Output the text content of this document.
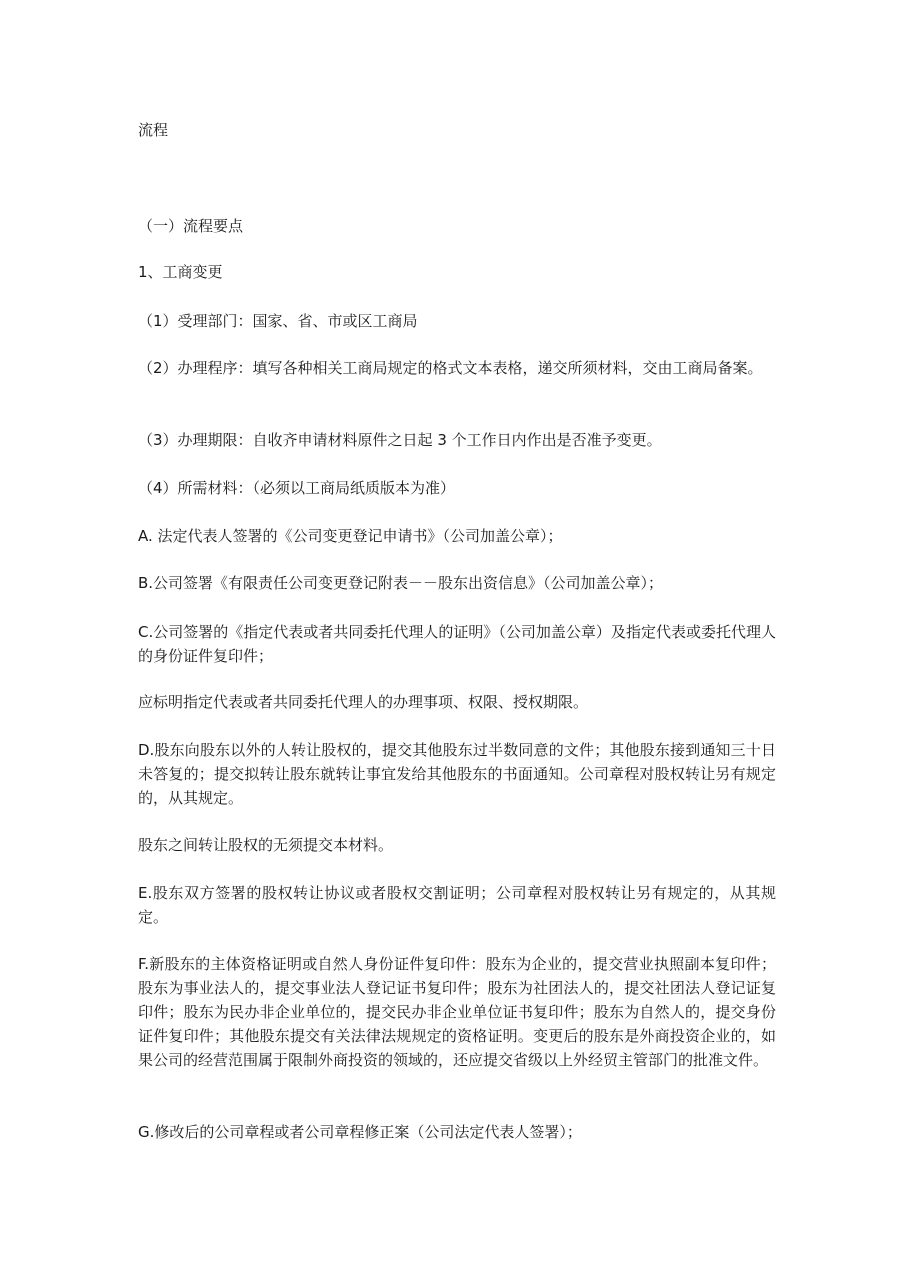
流程

（一）流程要点

1、工商变更

（1）受理部门：国家、省、市或区工商局

（2）办理程序：填写各种相关工商局规定的格式文本表格，递交所须材料，交由工商局备案。

（3）办理期限：自收齐申请材料原件之日起 3 个工作日内作出是否准予变更。

（4）所需材料：（必须以工商局纸质版本为准）

A. 法定代表人签署的《公司变更登记申请书》（公司加盖公章）；

B.公司签署《有限责任公司变更登记附表－－股东出资信息》（公司加盖公章）；

C.公司签署的《指定代表或者共同委托代理人的证明》（公司加盖公章）及指定代表或委托代理人的身份证件复印件；

应标明指定代表或者共同委托代理人的办理事项、权限、授权期限。

D.股东向股东以外的人转让股权的，提交其他股东过半数同意的文件；其他股东接到通知三十日未答复的；提交拟转让股东就转让事宜发给其他股东的书面通知。公司章程对股权转让另有规定的，从其规定。

股东之间转让股权的无须提交本材料。

E.股东双方签署的股权转让协议或者股权交割证明；公司章程对股权转让另有规定的，从其规定。

F.新股东的主体资格证明或自然人身份证件复印件：股东为企业的，提交营业执照副本复印件；股东为事业法人的，提交事业法人登记证书复印件；股东为社团法人的，提交社团法人登记证复印件；股东为民办非企业单位的，提交民办非企业单位证书复印件；股东为自然人的，提交身份证件复印件；其他股东提交有关法律法规规定的资格证明。变更后的股东是外商投资企业的，如果公司的经营范围属于限制外商投资的领域的，还应提交省级以上外经贸主管部门的批准文件。

G.修改后的公司章程或者公司章程修正案（公司法定代表人签署）；
